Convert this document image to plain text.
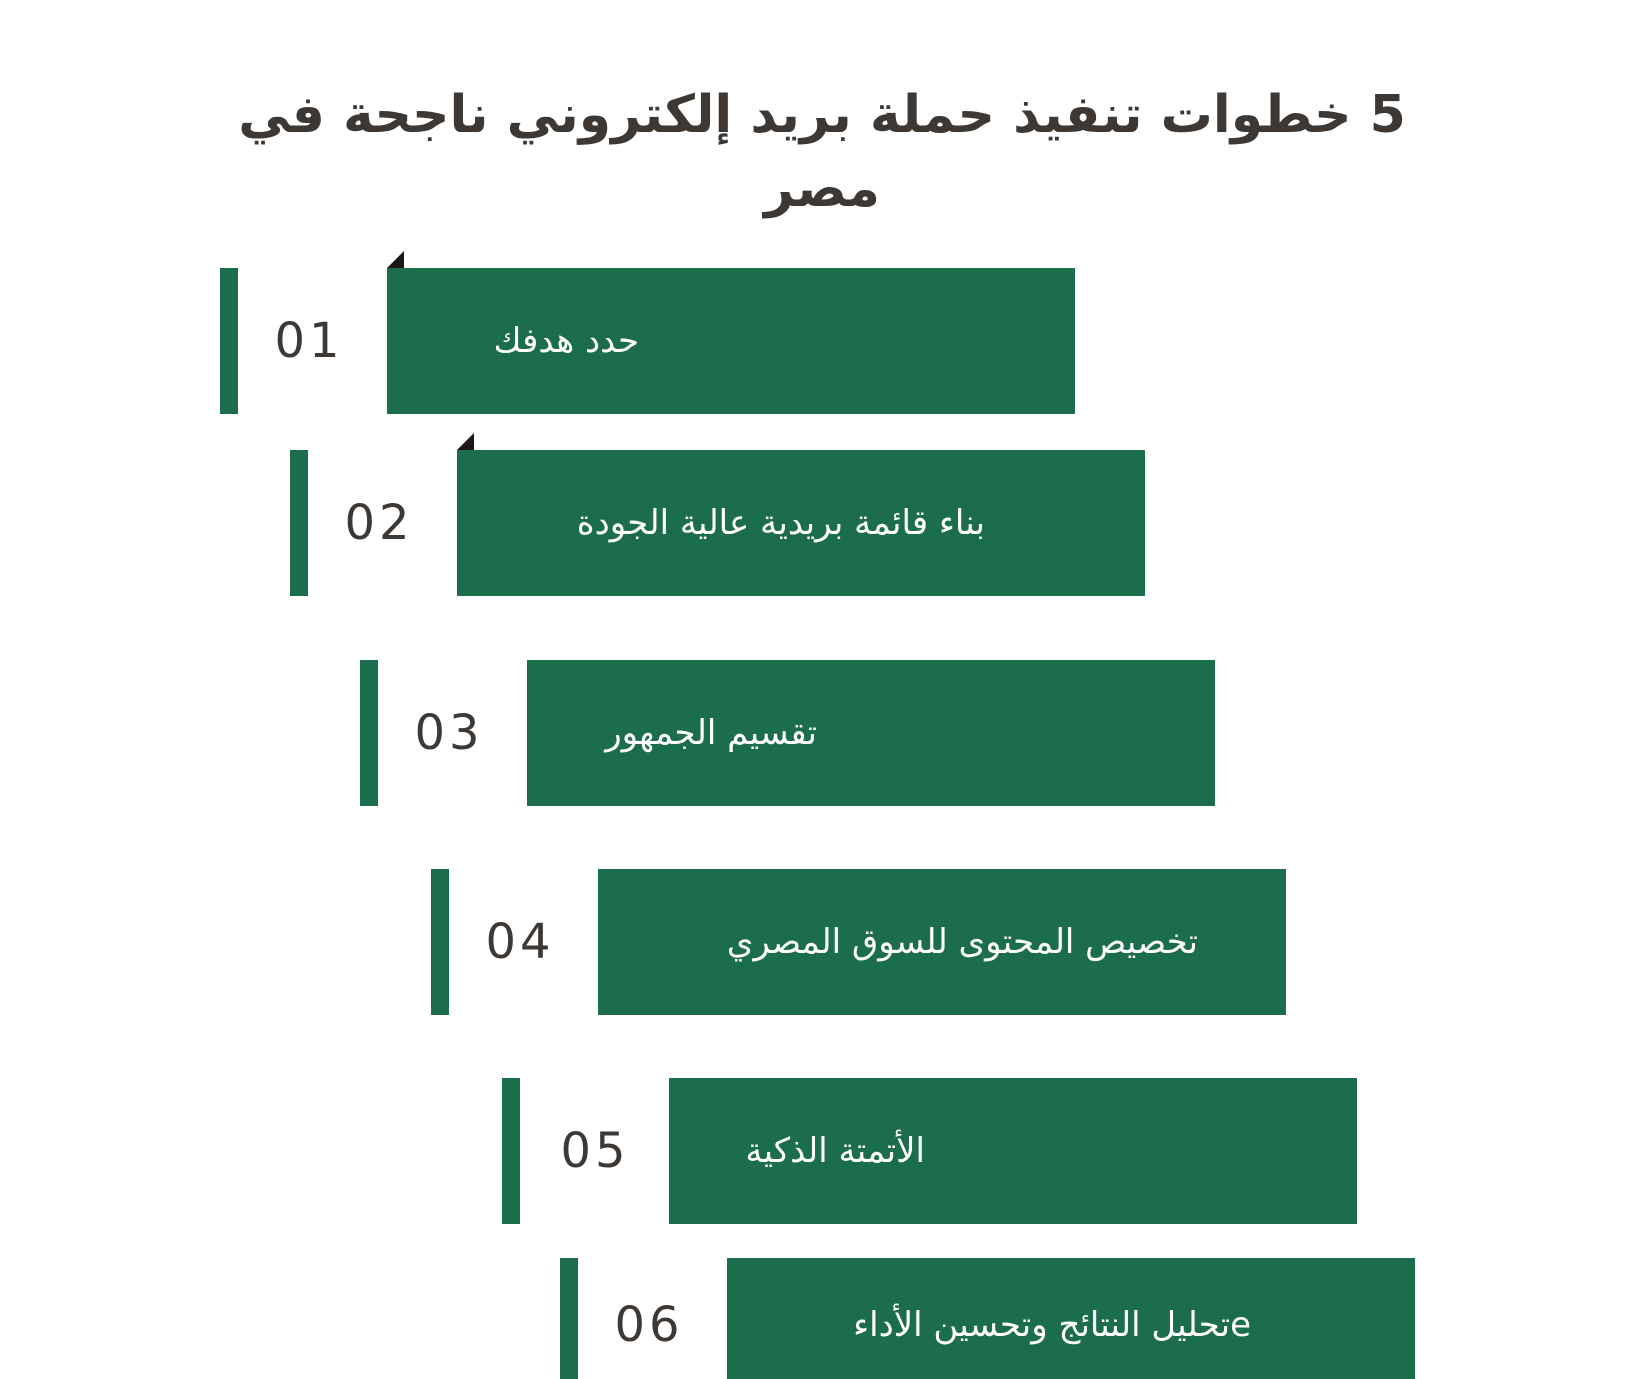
5 خطوات تنفيذ حملة بريد إلكتروني ناجحة في مصر
01	حدد هدفك
02	بناء قائمة بريدية عالية الجودة
03	تقسيم الجمهور
04	تخصيص المحتوى للسوق المصري
05	الأتمتة الذكية
06	eتحليل النتائج وتحسين الأداء
